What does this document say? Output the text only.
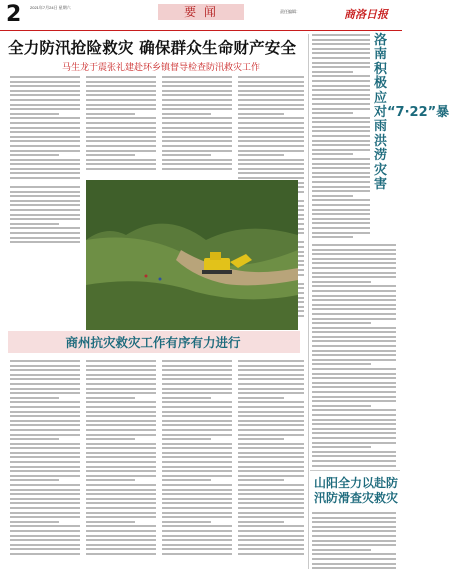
2 2021年7月24日 星期六	要 闻	责任编辑：	商洛日报
全力防汛抢险救灾 确保群众生命财产安全
马生龙于震张礼建赴环乡镇督导检查防汛救灾工作
商州抗灾救灾工作有序有力进行
洛南积极应对“7·22”暴雨洪涝灾害
山阳全力以赴防汛防滑查灾救灾
